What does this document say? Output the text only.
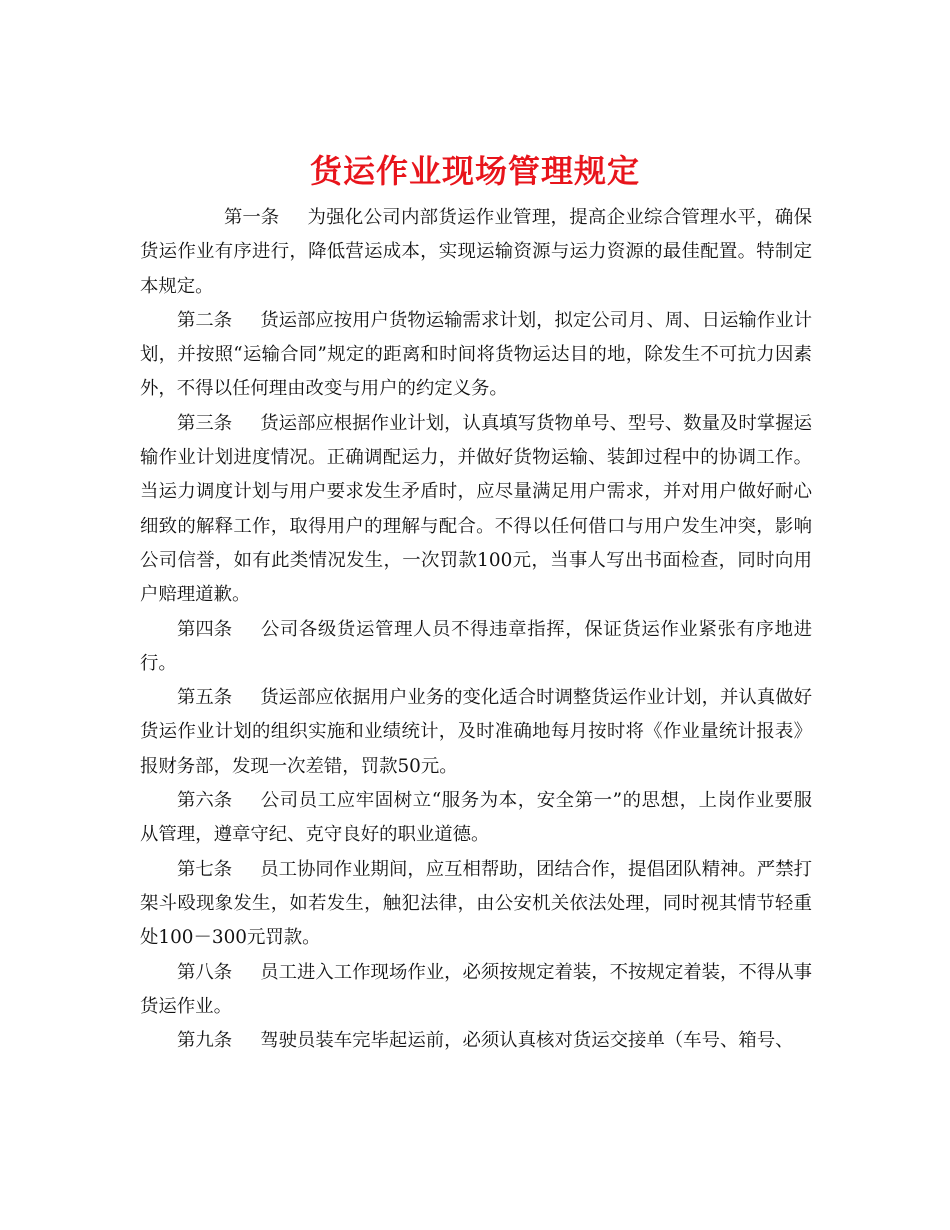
货运作业现场管理规定

第一条 为强化公司内部货运作业管理，提高企业综合管理水平，确保货运作业有序进行，降低营运成本，实现运输资源与运力资源的最佳配置。特制定本规定。

第二条 货运部应按用户货物运输需求计划，拟定公司月、周、日运输作业计划，并按照“运输合同”规定的距离和时间将货物运达目的地，除发生不可抗力因素外，不得以任何理由改变与用户的约定义务。

第三条 货运部应根据作业计划，认真填写货物单号、型号、数量及时掌握运输作业计划进度情况。正确调配运力，并做好货物运输、装卸过程中的协调工作。当运力调度计划与用户要求发生矛盾时，应尽量满足用户需求，并对用户做好耐心细致的解释工作，取得用户的理解与配合。不得以任何借口与用户发生冲突，影响公司信誉，如有此类情况发生，一次罚款100元，当事人写出书面检查，同时向用户赔理道歉。

第四条 公司各级货运管理人员不得违章指挥，保证货运作业紧张有序地进行。

第五条 货运部应依据用户业务的变化适合时调整货运作业计划，并认真做好货运作业计划的组织实施和业绩统计，及时准确地每月按时将《作业量统计报表》报财务部，发现一次差错，罚款50元。

第六条 公司员工应牢固树立“服务为本，安全第一”的思想，上岗作业要服从管理，遵章守纪、克守良好的职业道德。

第七条 员工协同作业期间，应互相帮助，团结合作，提倡团队精神。严禁打架斗殴现象发生，如若发生，触犯法律，由公安机关依法处理，同时视其情节轻重处100－300元罚款。

第八条 员工进入工作现场作业，必须按规定着装，不按规定着装，不得从事货运作业。

第九条 驾驶员装车完毕起运前，必须认真核对货运交接单（车号、箱号、
